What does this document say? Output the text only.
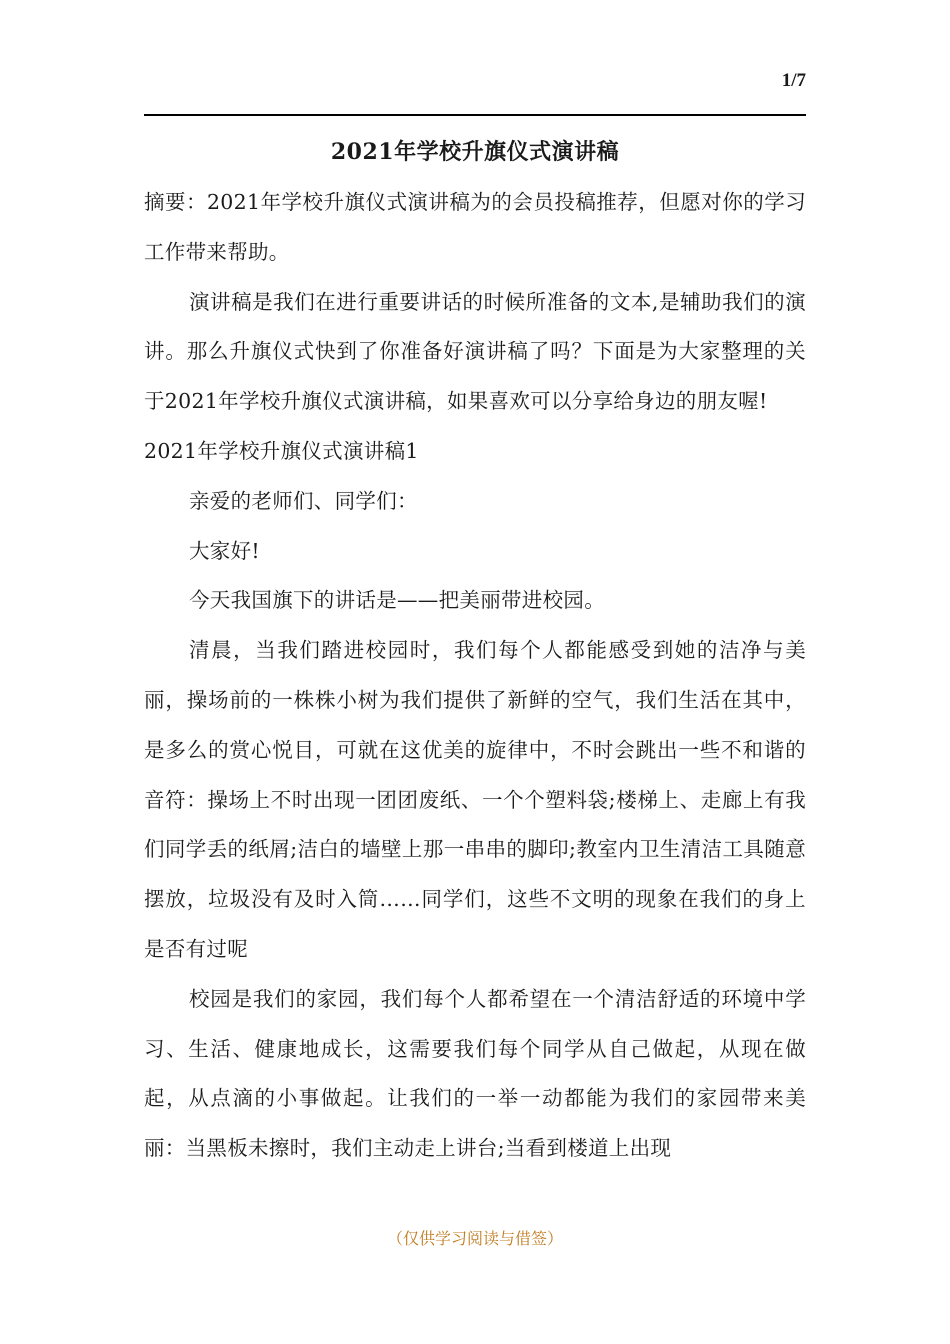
1/7
2021年学校升旗仪式演讲稿

摘要：2021年学校升旗仪式演讲稿为的会员投稿推荐，但愿对你的学习工作带来帮助。

演讲稿是我们在进行重要讲话的时候所准备的文本,是辅助我们的演讲。那么升旗仪式快到了你准备好演讲稿了吗？下面是为大家整理的关于2021年学校升旗仪式演讲稿，如果喜欢可以分享给身边的朋友喔!

2021年学校升旗仪式演讲稿1

亲爱的老师们、同学们：

大家好!

今天我国旗下的讲话是——把美丽带进校园。

清晨，当我们踏进校园时，我们每个人都能感受到她的洁净与美丽，操场前的一株株小树为我们提供了新鲜的空气，我们生活在其中，是多么的赏心悦目，可就在这优美的旋律中，不时会跳出一些不和谐的音符：操场上不时出现一团团废纸、一个个塑料袋;楼梯上、走廊上有我们同学丢的纸屑;洁白的墙壁上那一串串的脚印;教室内卫生清洁工具随意摆放，垃圾没有及时入筒……同学们，这些不文明的现象在我们的身上是否有过呢

校园是我们的家园，我们每个人都希望在一个清洁舒适的环境中学习、生活、健康地成长，这需要我们每个同学从自己做起，从现在做起，从点滴的小事做起。让我们的一举一动都能为我们的家园带来美丽：当黑板未擦时，我们主动走上讲台;当看到楼道上出现

（仅供学习阅读与借签）
